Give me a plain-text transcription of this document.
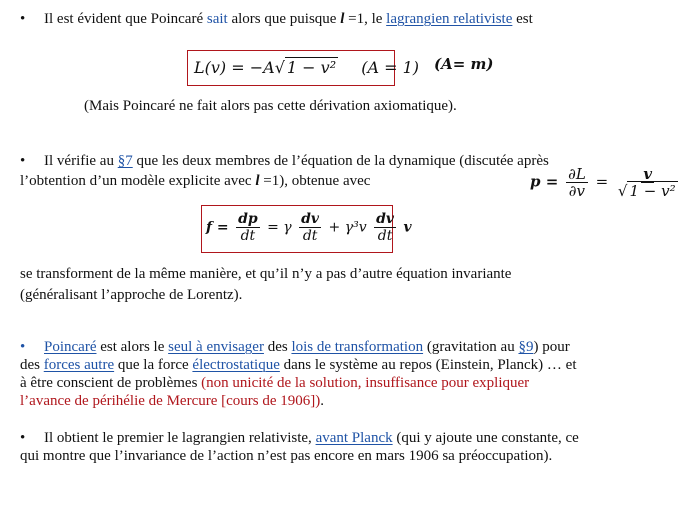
• Il est évident que Poincaré sait alors que puisque l =1, le lagrangien relativiste est
L(v) = −A√ 1 − v² (A = 1) (A= m)
(Mais Poincaré ne fait alors pas cette dérivation axiomatique).
• Il vérifie au §7 que les deux membres de l’équation de la dynamique (discutée après
l’obtention d’un modèle explicite avec l =1), obtenue avec	$p = \frac{\partial L}{\partial v} = \frac{v}{\text{√ 1 − v²}}$
$f = \frac{dp}{dt} = \gamma \frac{dv}{dt} + \gamma^3v \frac{dv}{dt}$ v
se transforment de la même manière, et qu’il n’y a pas d’autre équation invariante
(généralisant l’approche de Lorentz).
• Poincaré est alors le seul à envisager des lois de transformation (gravitation au §9) pour
des forces autre que la force électrostatique dans le système au repos (Einstein, Planck) … et
à être conscient de problèmes (non unicité de la solution, insuffisance pour expliquer
l’avance de périhélie de Mercure [cours de 1906]).
• Il obtient le premier le lagrangien relativiste, avant Planck (qui y ajoute une constante, ce
qui montre que l’invariance de l’action n’est pas encore en mars 1906 sa préoccupation).
